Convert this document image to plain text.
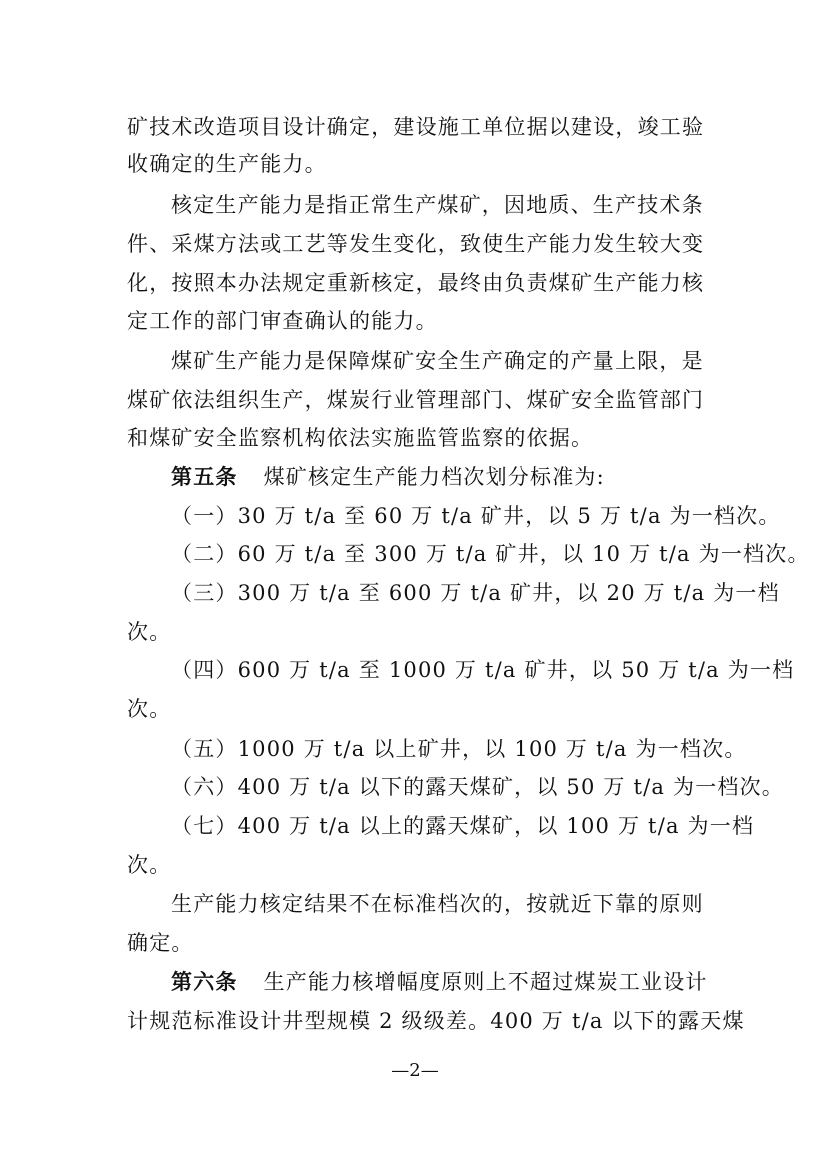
矿技术改造项目设计确定，建设施工单位据以建设，竣工验
收确定的生产能力。
核定生产能力是指正常生产煤矿，因地质、生产技术条
件、采煤方法或工艺等发生变化，致使生产能力发生较大变
化，按照本办法规定重新核定，最终由负责煤矿生产能力核
定工作的部门审查确认的能力。
煤矿生产能力是保障煤矿安全生产确定的产量上限，是
煤矿依法组织生产，煤炭行业管理部门、煤矿安全监管部门
和煤矿安全监察机构依法实施监管监察的依据。
第五条 煤矿核定生产能力档次划分标准为:
（一）30 万 t/a 至 60 万 t/a 矿井，以 5 万 t/a 为一档次。
（二）60 万 t/a 至 300 万 t/a 矿井，以 10 万 t/a 为一档次。
（三）300 万 t/a 至 600 万 t/a 矿井，以 20 万 t/a 为一档
次。
（四）600 万 t/a 至 1000 万 t/a 矿井，以 50 万 t/a 为一档
次。
（五）1000 万 t/a 以上矿井，以 100 万 t/a 为一档次。
（六）400 万 t/a 以下的露天煤矿，以 50 万 t/a 为一档次。
（七）400 万 t/a 以上的露天煤矿，以 100 万 t/a 为一档
次。
生产能力核定结果不在标准档次的，按就近下靠的原则
确定。
第六条 生产能力核增幅度原则上不超过煤炭工业设计
计规范标准设计井型规模 2 级级差。400 万 t/a 以下的露天煤
—2—
